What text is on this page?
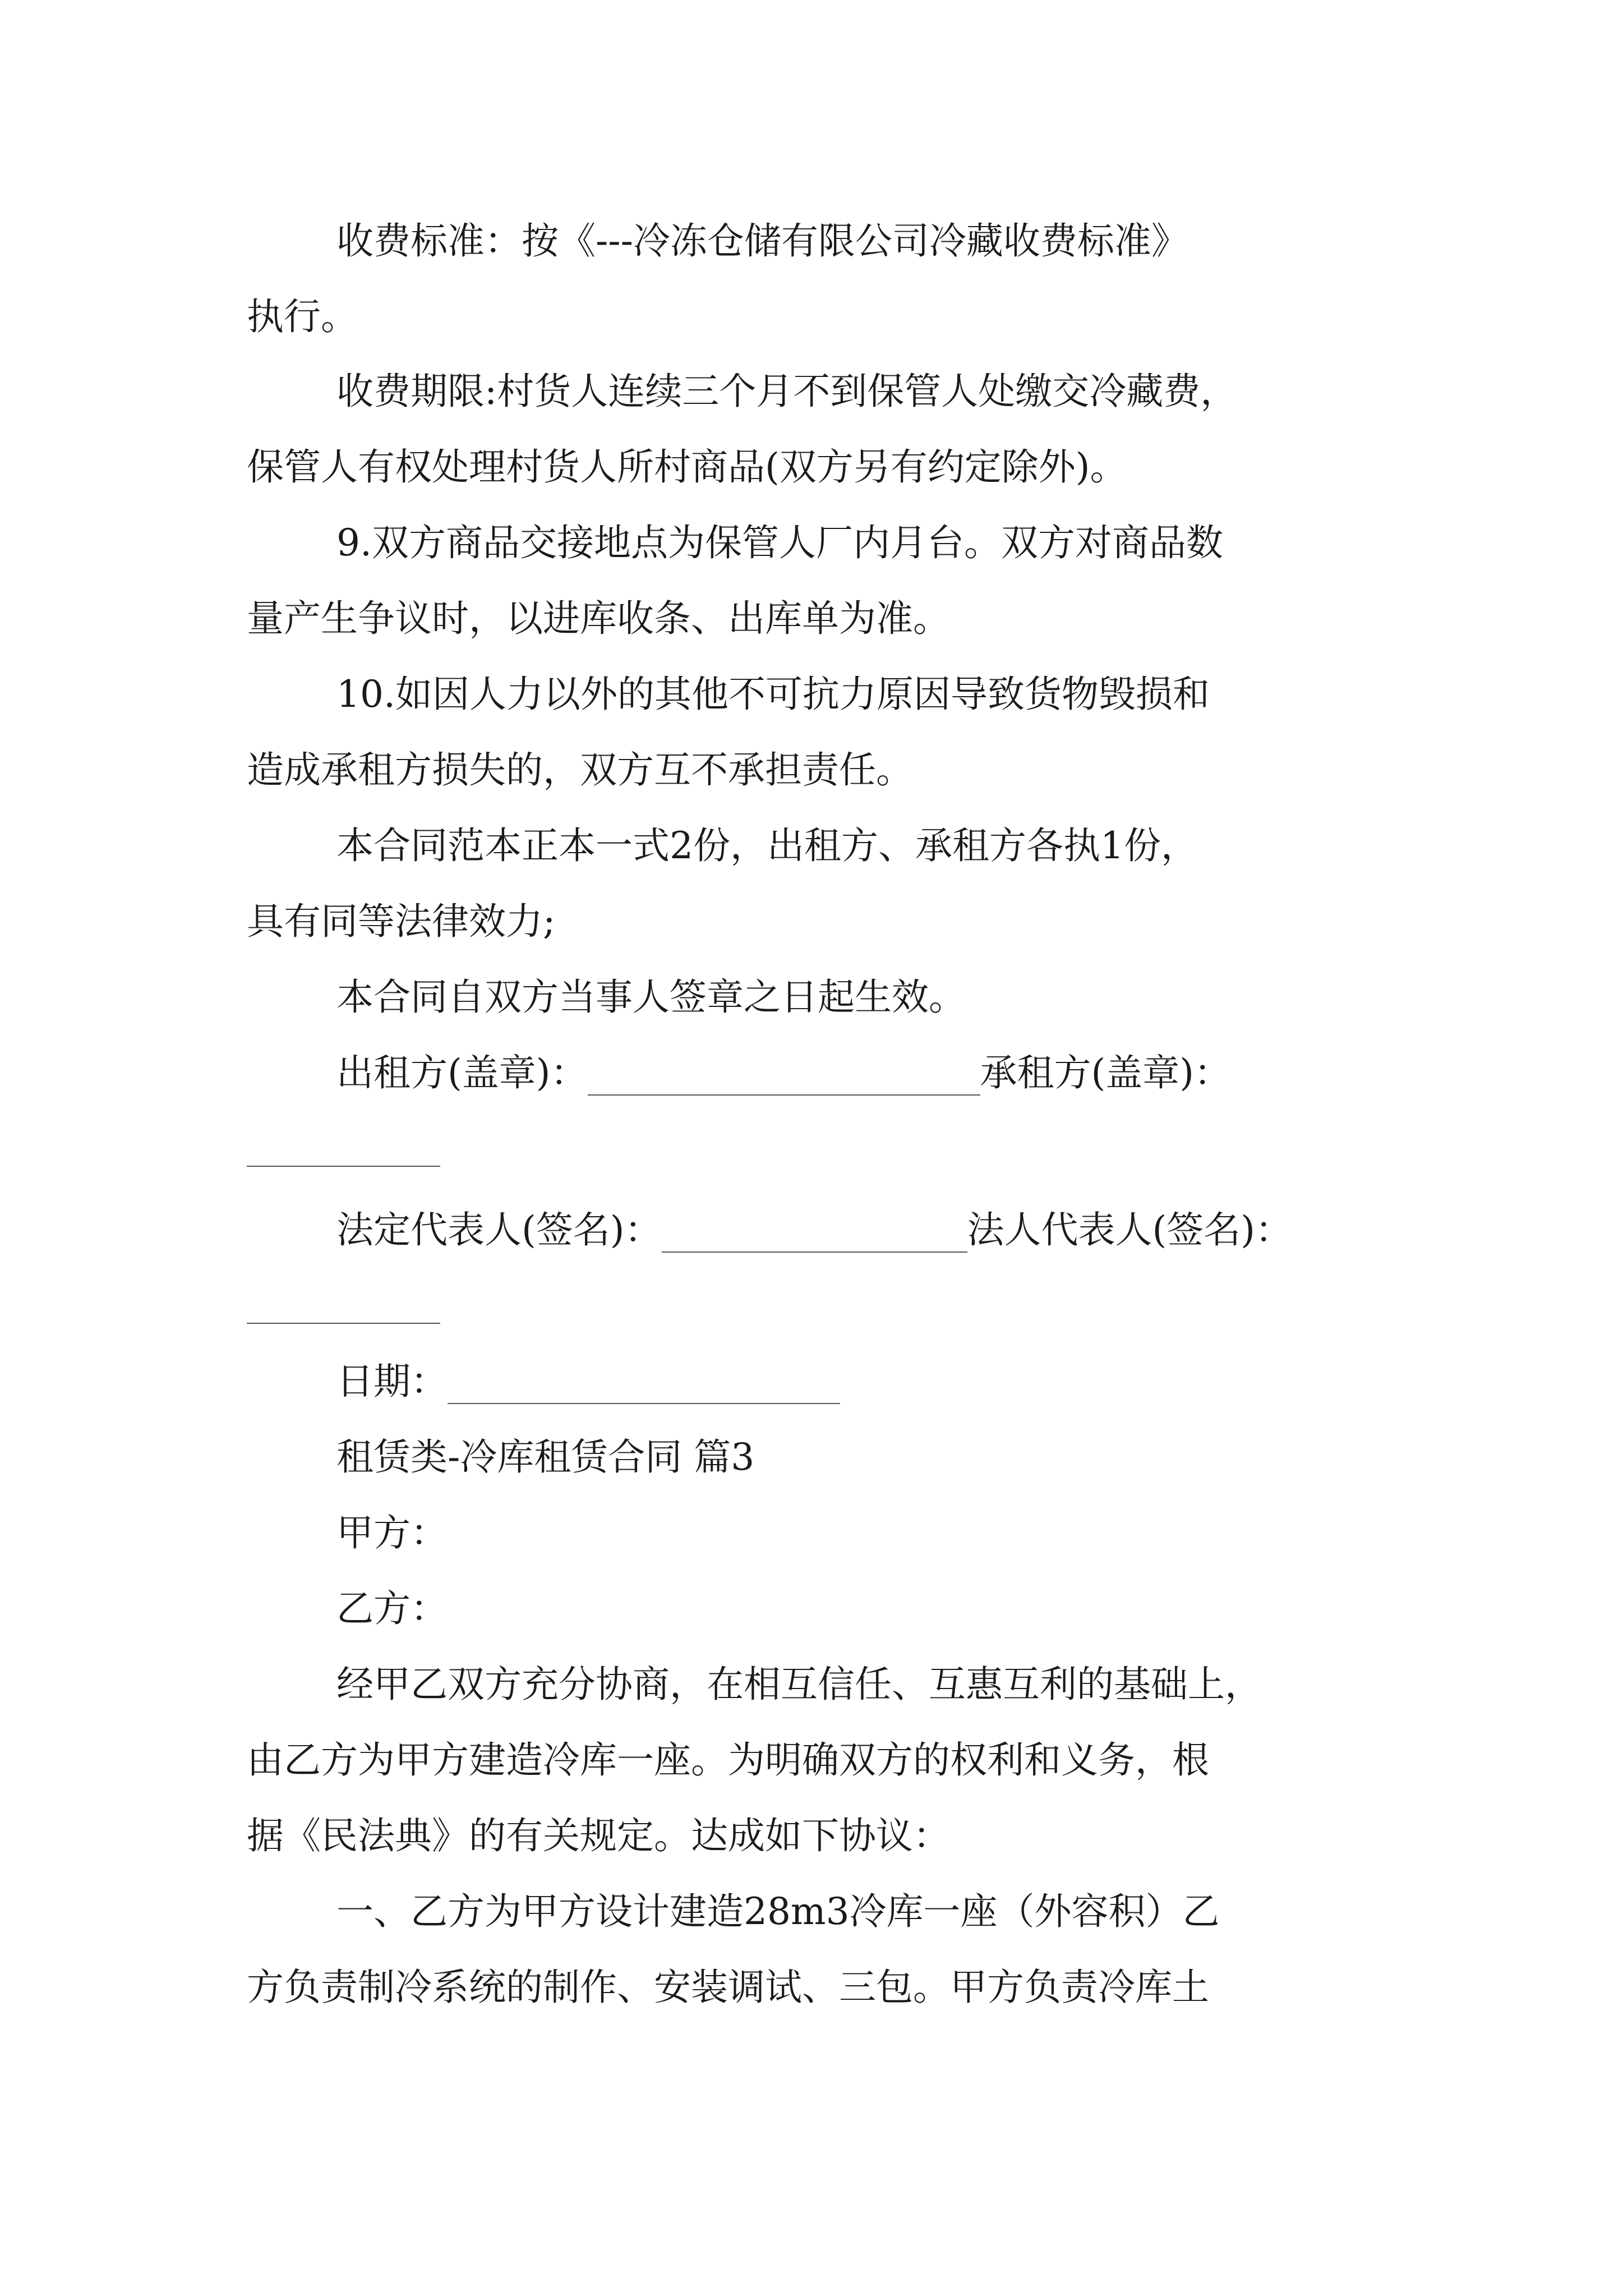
收费标准：按《---冷冻仓储有限公司冷藏收费标准》

执行。

收费期限:村货人连续三个月不到保管人处缴交冷藏费，

保管人有权处理村货人所村商品(双方另有约定除外)。

9.双方商品交接地点为保管人厂内月台。双方对商品数

量产生争议时，以进库收条、出库单为准。

10.如因人力以外的其他不可抗力原因导致货物毁损和

造成承租方损失的，双方互不承担责任。

本合同范本正本一式2份，出租方、承租方各执1份，

具有同等法律效力;

本合同自双方当事人签章之日起生效。

出租方(盖章)：	承租方(盖章)：

法定代表人(签名)：	法人代表人(签名)：

日期：

租赁类-冷库租赁合同 篇3

甲方：

乙方：

经甲乙双方充分协商，在相互信任、互惠互利的基础上，

由乙方为甲方建造冷库一座。为明确双方的权利和义务，根

据《民法典》的有关规定。达成如下协议：

一、乙方为甲方设计建造28m3冷库一座（外容积）乙

方负责制冷系统的制作、安装调试、三包。甲方负责冷库土
